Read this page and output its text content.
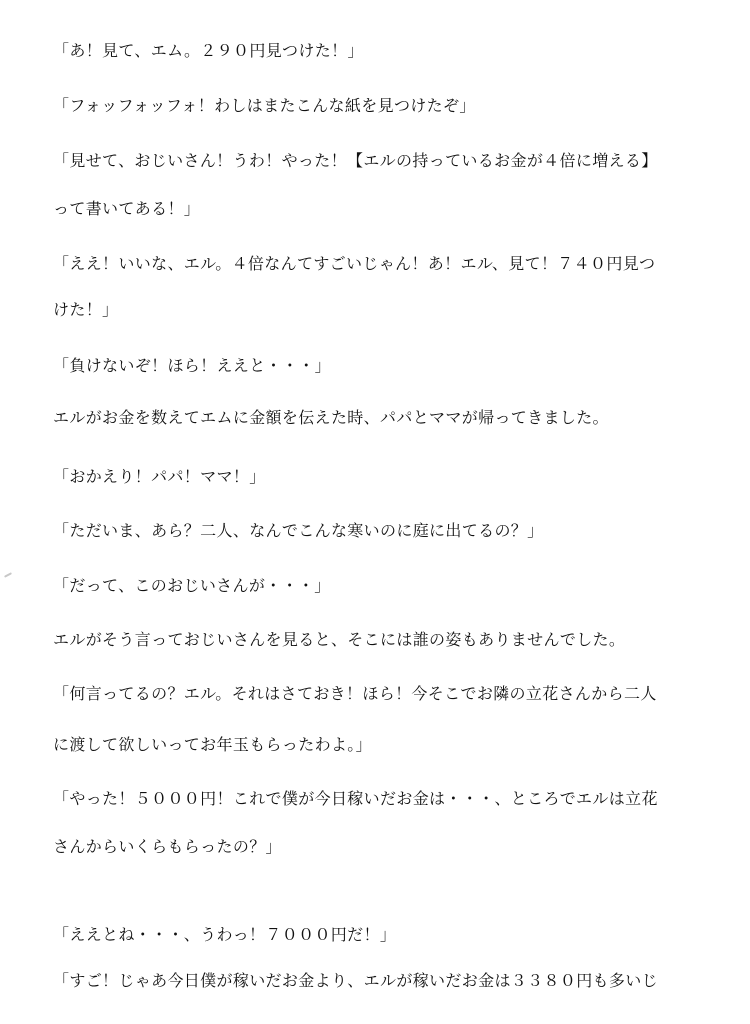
「あ！見て、エム。２９０円見つけた！」

「フォッフォッフォ！わしはまたこんな紙を見つけたぞ」

「見せて、おじいさん！うわ！やった！【エルの持っているお金が４倍に増える】

って書いてある！」

「ええ！いいな、エル。４倍なんてすごいじゃん！あ！エル、見て！７４０円見つ

けた！」

「負けないぞ！ほら！ええと・・・」

エルがお金を数えてエムに金額を伝えた時、パパとママが帰ってきました。

「おかえり！パパ！ママ！」

「ただいま、あら？二人、なんでこんな寒いのに庭に出てるの？」

「だって、このおじいさんが・・・」

エルがそう言っておじいさんを見ると、そこには誰の姿もありませんでした。

「何言ってるの？エル。それはさておき！ほら！今そこでお隣の立花さんから二人

に渡して欲しいってお年玉もらったわよ。」

「やった！５０００円！これで僕が今日稼いだお金は・・・、ところでエルは立花

さんからいくらもらったの？」

「ええとね・・・、うわっ！７０００円だ！」

「すご！じゃあ今日僕が稼いだお金より、エルが稼いだお金は３３８０円も多いじ
